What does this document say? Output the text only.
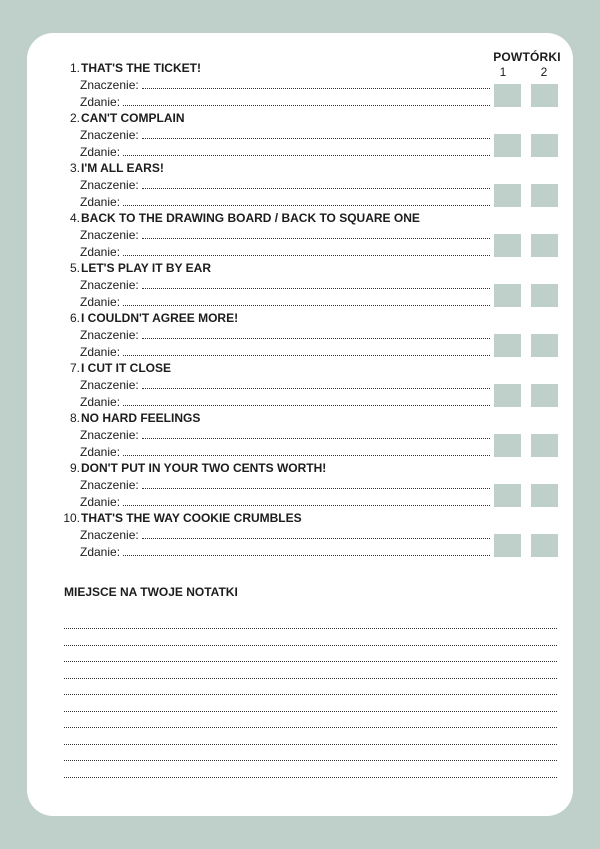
POWTÓRKI
1	2
1. THAT'S THE TICKET!
Znaczenie:
Zdanie:
2. CAN'T COMPLAIN
Znaczenie:
Zdanie:
3. I'M ALL EARS!
Znaczenie:
Zdanie:
4. BACK TO THE DRAWING BOARD / BACK TO SQUARE ONE
Znaczenie:
Zdanie:
5. LET'S PLAY IT BY EAR
Znaczenie:
Zdanie:
6. I COULDN'T AGREE MORE!
Znaczenie:
Zdanie:
7. I CUT IT CLOSE
Znaczenie:
Zdanie:
8. NO HARD FEELINGS
Znaczenie:
Zdanie:
9. DON'T PUT IN YOUR TWO CENTS WORTH!
Znaczenie:
Zdanie:
10. THAT'S THE WAY COOKIE CRUMBLES
Znaczenie:
Zdanie:
MIEJSCE NA TWOJE NOTATKI
